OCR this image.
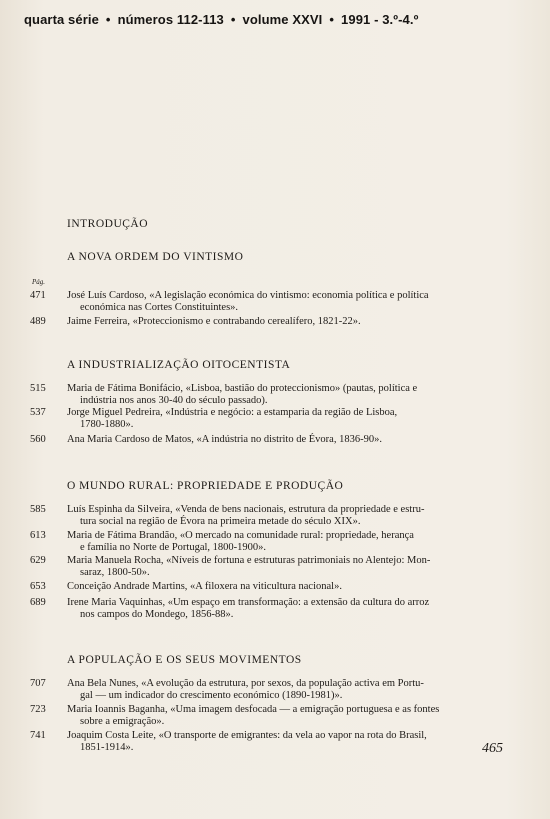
quarta série • números 112-113 • volume XXVI • 1991 - 3.º-4.º
INTRODUÇÃO
Pág.
A NOVA ORDEM DO VINTISMO
471	José Luís Cardoso, «A legislação económica do vintismo: economia política e política
económica nas Cortes Constituintes».
489	Jaime Ferreira, «Proteccionismo e contrabando cerealífero, 1821-22».
A INDUSTRIALIZAÇÃO OITOCENTISTA
515	Maria de Fátima Bonifácio, «Lisboa, bastião do proteccionismo» (pautas, política e
indústria nos anos 30-40 do século passado).
537	Jorge Miguel Pedreira, «Indústria e negócio: a estamparia da região de Lisboa,
1780-1880».
560	Ana Maria Cardoso de Matos, «A indústria no distrito de Évora, 1836-90».
O MUNDO RURAL: PROPRIEDADE E PRODUÇÃO
585	Luís Espinha da Silveira, «Venda de bens nacionais, estrutura da propriedade e estru-
tura social na região de Évora na primeira metade do século XIX».
613	Maria de Fátima Brandão, «O mercado na comunidade rural: propriedade, herança
e família no Norte de Portugal, 1800-1900».
629	Maria Manuela Rocha, «Níveis de fortuna e estruturas patrimoniais no Alentejo: Mon-
saraz, 1800-50».
653	Conceição Andrade Martins, «A filoxera na viticultura nacional».
689	Irene Maria Vaquinhas, «Um espaço em transformação: a extensão da cultura do arroz
nos campos do Mondego, 1856-88».
A POPULAÇÃO E OS SEUS MOVIMENTOS
707	Ana Bela Nunes, «A evolução da estrutura, por sexos, da população activa em Portu-
gal — um indicador do crescimento económico (1890-1981)».
723	Maria Ioannis Baganha, «Uma imagem desfocada — a emigração portuguesa e as fontes
sobre a emigração».
741	Joaquim Costa Leite, «O transporte de emigrantes: da vela ao vapor na rota do Brasil,
1851-1914».	465
